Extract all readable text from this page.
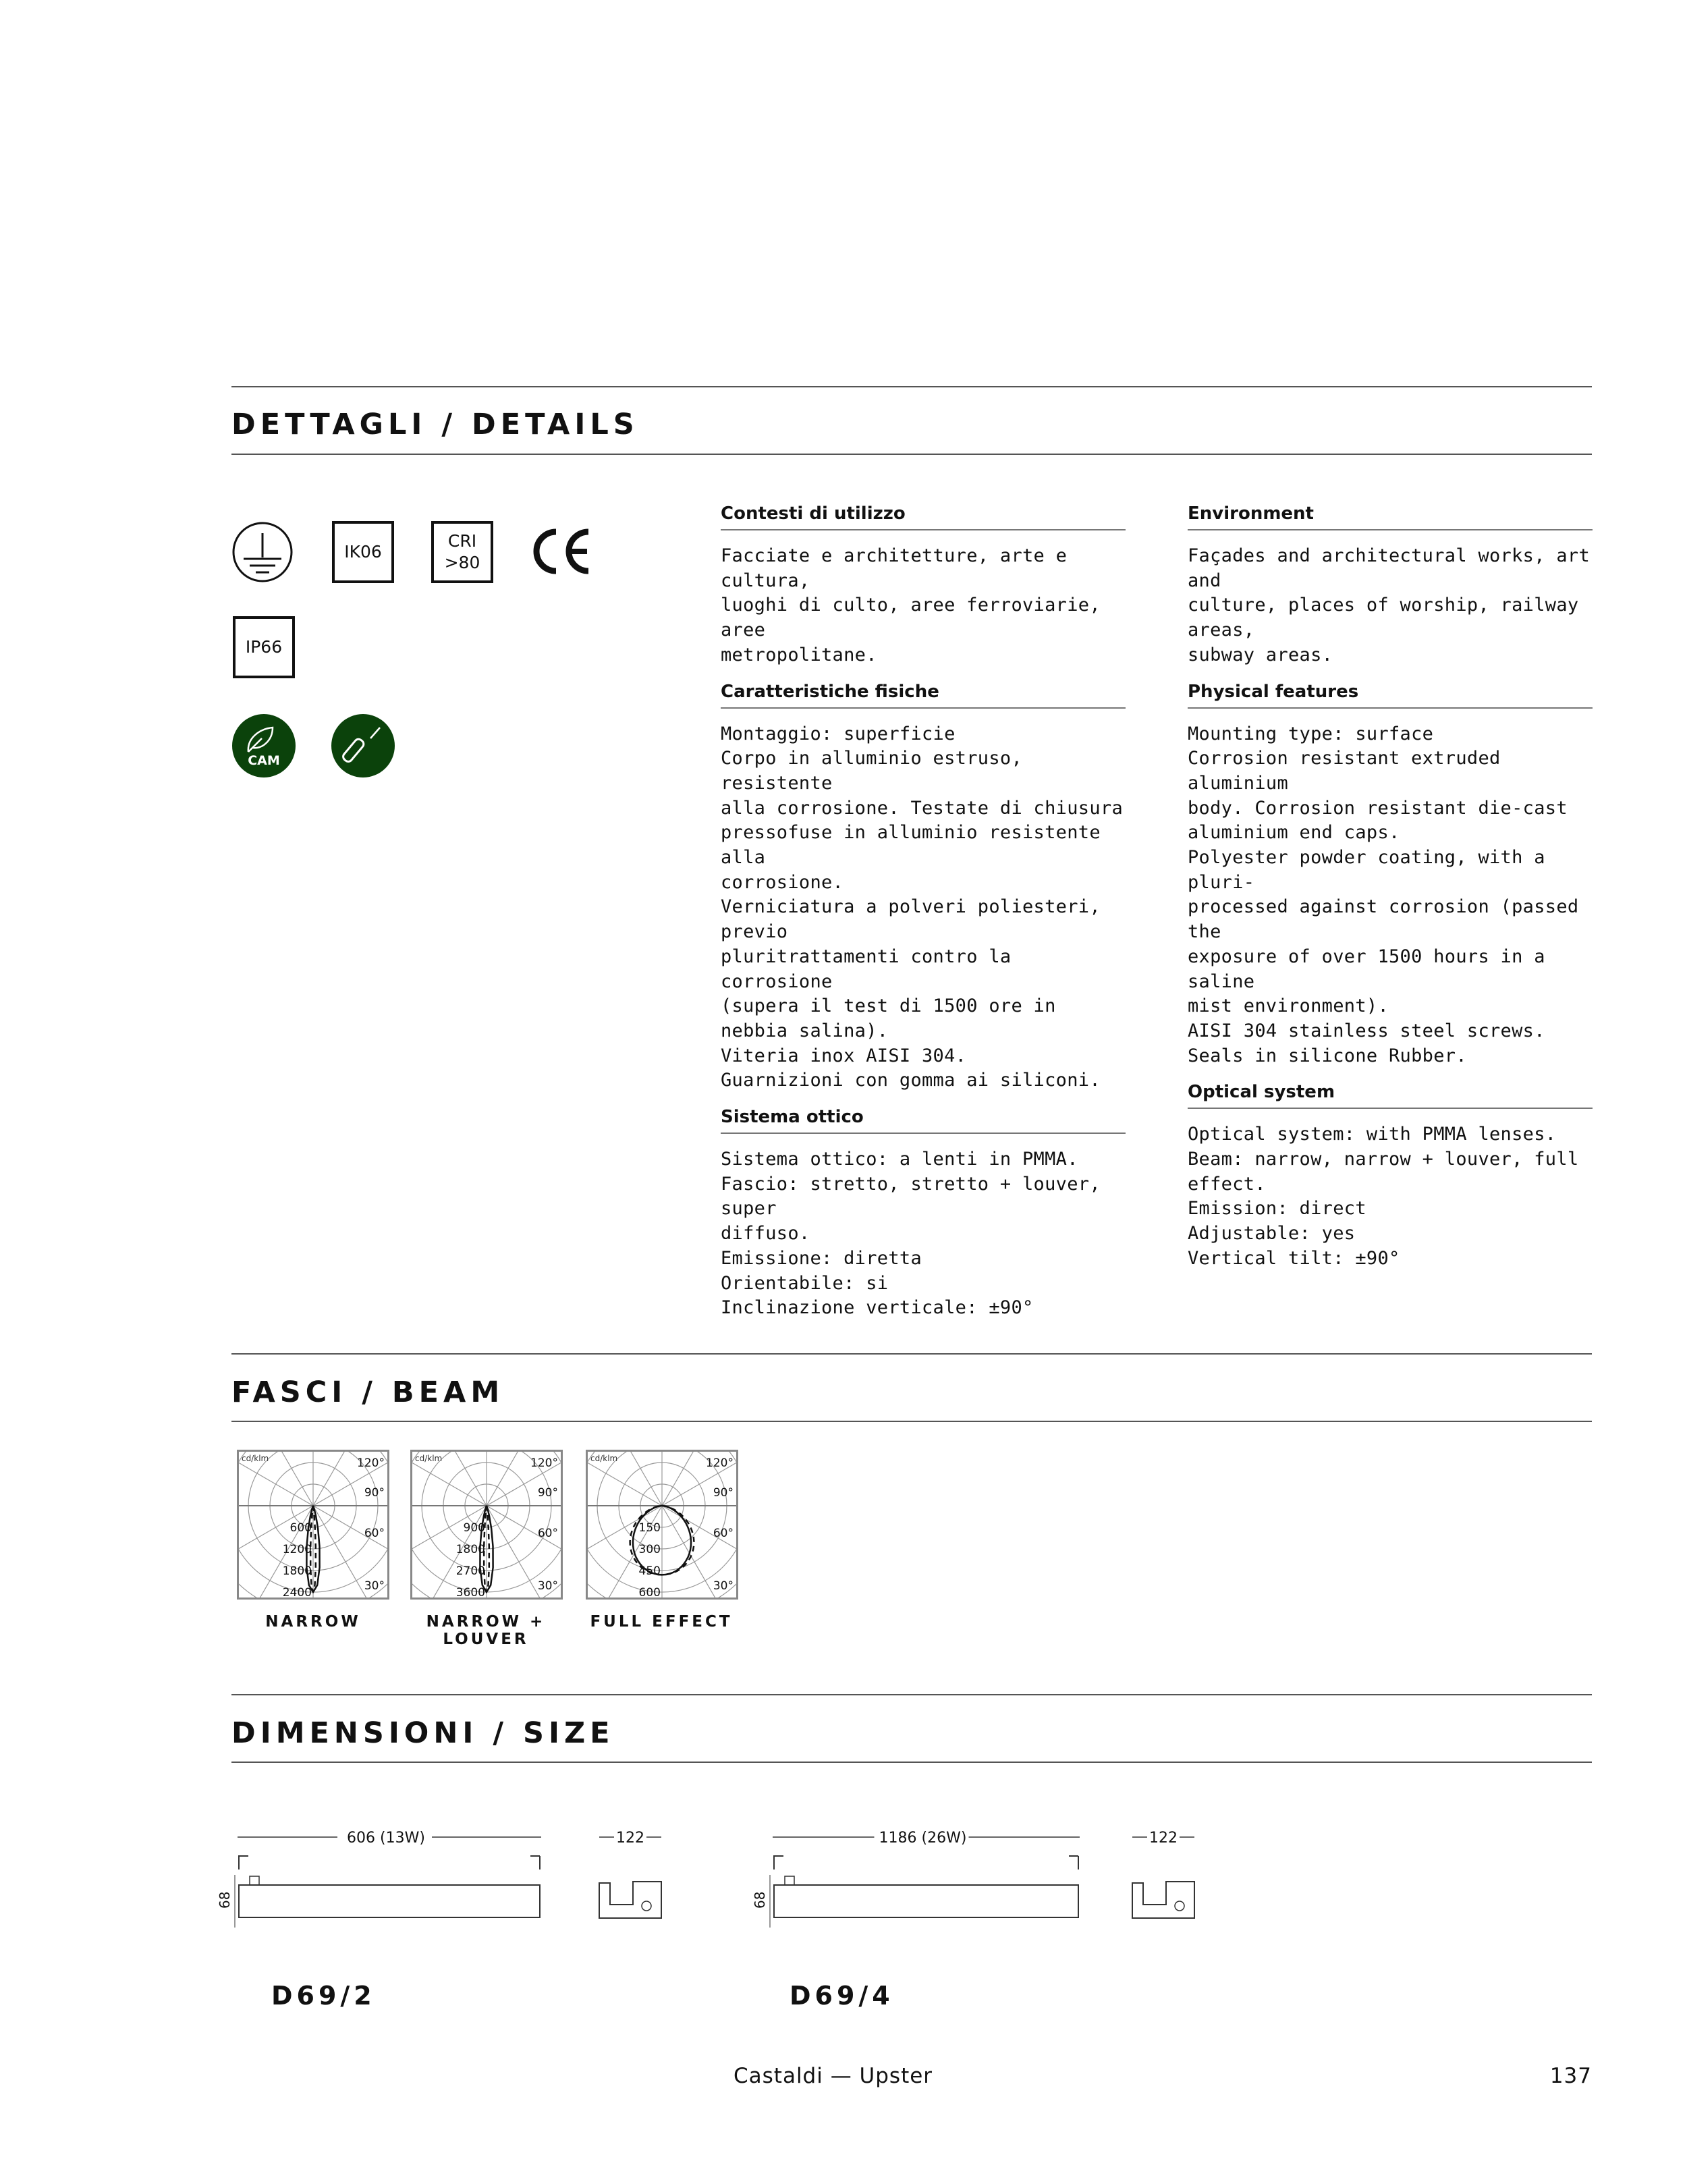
DETTAGLI / DETAILS
IK06
CRI
>80
IP66
CAM
Contesti di utilizzo
Facciate e architetture, arte e cultura,
luoghi di culto, aree ferroviarie, aree
metropolitane.
Caratteristiche fisiche
Montaggio: superficie
Corpo in alluminio estruso, resistente
alla corrosione. Testate di chiusura
pressofuse in alluminio resistente alla
corrosione.
Verniciatura a polveri poliesteri, previo
pluritrattamenti contro la corrosione
(supera il test di 1500 ore in nebbia salina).
Viteria inox AISI 304.
Guarnizioni con gomma ai siliconi.
Sistema ottico
Sistema ottico: a lenti in PMMA.
Fascio: stretto, stretto + louver, super
diffuso.
Emissione: diretta
Orientabile: si
Inclinazione verticale: ±90°
Environment
Façades and architectural works, art and
culture, places of worship, railway areas,
subway areas.
Physical features
Mounting type: surface
Corrosion resistant extruded aluminium
body. Corrosion resistant die-cast
aluminium end caps.
Polyester powder coating, with a pluri-
processed against corrosion (passed the
exposure of over 1500 hours in a saline
mist environment).
AISI 304 stainless steel screws.
Seals in silicone Rubber.
Optical system
Optical system: with PMMA lenses.
Beam: narrow, narrow + louver, full
effect.
Emission: direct
Adjustable: yes
Vertical tilt: ±90°
FASCI / BEAM
cd/klm	120°
90°
60°
30°
600
1200
1800
2400
cd/klm	120°
90°
60°
30°
900
1800
2700
3600
cd/klm	120°
90°
60°
30°
150
300
450
600
NARROW	NARROW + LOUVER
FULL EFFECT
DIMENSIONI / SIZE
606 (13W)
68
122	1186 (26W)
68
122
D69/2	D69/4
Castaldi — Upster	137
